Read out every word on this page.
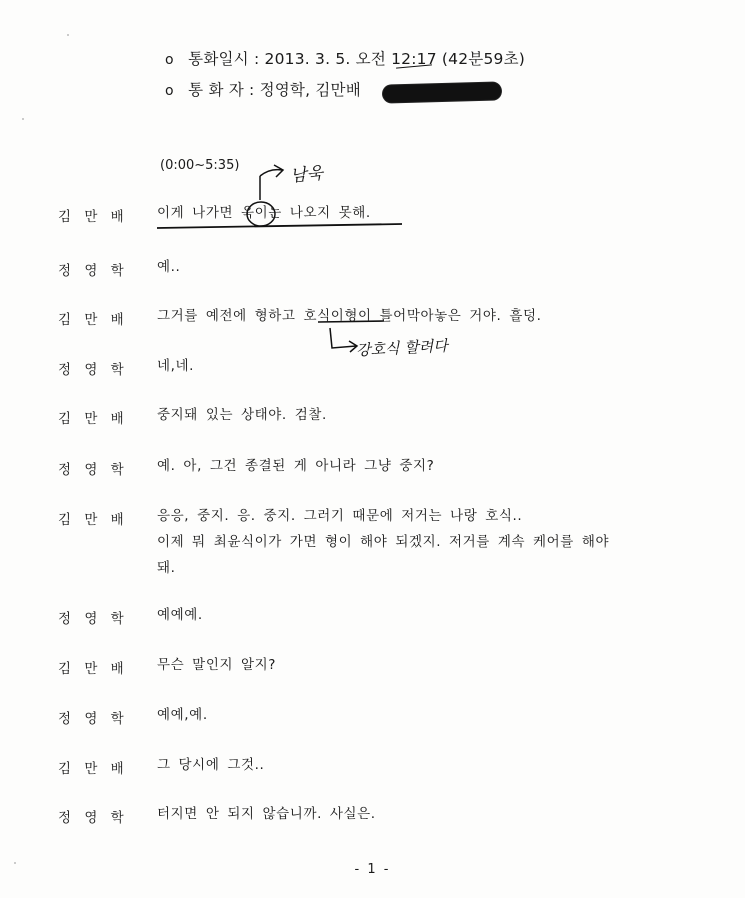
o 통화일시 : 2013. 3. 5. 오전 12:17 (42분59초)
o 통 화 자 : 정영학, 김만배
(0:00~5:35)	남욱
강호식 할려다
김 만 배 이게 나가면 욱이는 나오지 못해.

정 영 학 예..

김 만 배 그거를 예전에 형하고 호식이형이 틀어막아놓은 거야. 흘덩.

정 영 학 네,네.

김 만 배 중지돼 있는 상태야. 검찰.

정 영 학 예. 아, 그건 종결된 게 아니라 그냥 중지?

김 만 배 응응, 중지. 응. 중지. 그러기 때문에 저거는 나랑 호식..

이제 뭐 최윤식이가 가면 형이 해야 되겠지. 저거를 계속 케어를 해야

돼.

정 영 학 예예예.

김 만 배 무슨 말인지 알지?

정 영 학 예예,예.

김 만 배 그 당시에 그것..

정 영 학 터지면 안 되지 않습니까. 사실은.

- 1 -
